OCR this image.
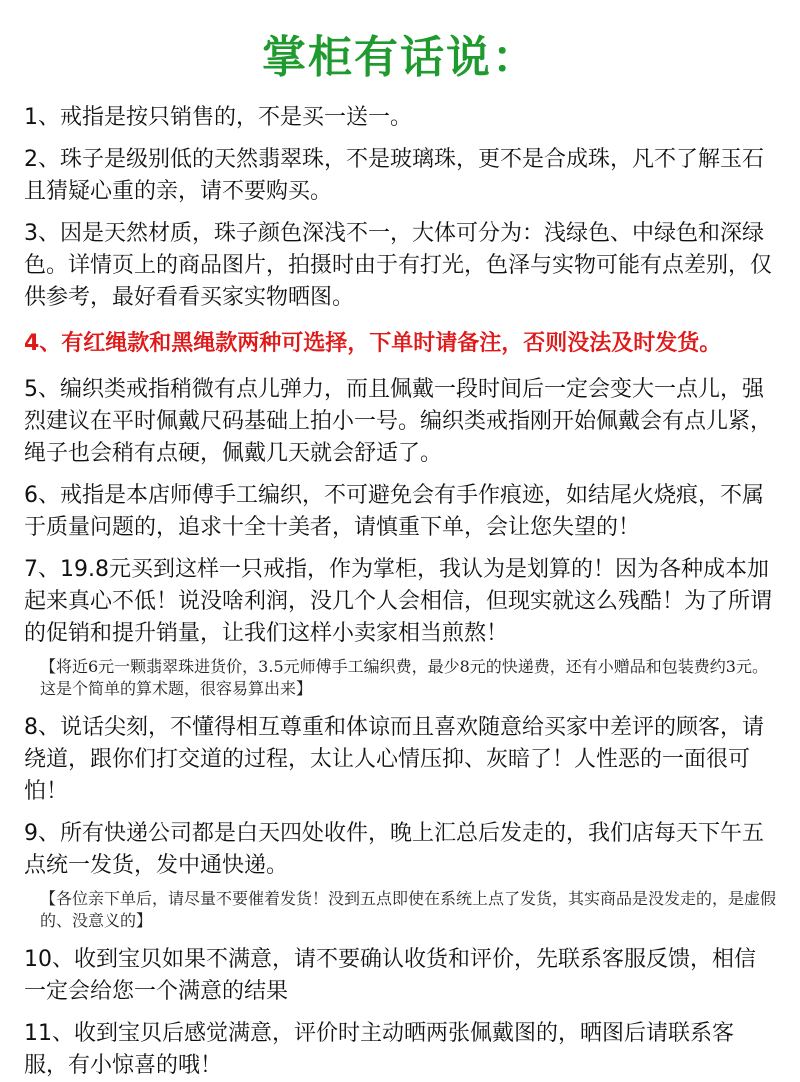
掌柜有话说：

1、戒指是按只销售的，不是买一送一。

2、珠子是级别低的天然翡翠珠，不是玻璃珠，更不是合成珠，凡不了解玉石且猜疑心重的亲，请不要购买。

3、因是天然材质，珠子颜色深浅不一，大体可分为：浅绿色、中绿色和深绿色。详情页上的商品图片，拍摄时由于有打光，色泽与实物可能有点差别，仅供参考，最好看看买家实物晒图。

4、有红绳款和黑绳款两种可选择，下单时请备注，否则没法及时发货。

5、编织类戒指稍微有点儿弹力，而且佩戴一段时间后一定会变大一点儿，强烈建议在平时佩戴尺码基础上拍小一号。编织类戒指刚开始佩戴会有点儿紧，绳子也会稍有点硬，佩戴几天就会舒适了。

6、戒指是本店师傅手工编织，不可避免会有手作痕迹，如结尾火烧痕，不属于质量问题的，追求十全十美者，请慎重下单，会让您失望的！

7、19.8元买到这样一只戒指，作为掌柜，我认为是划算的！因为各种成本加起来真心不低！说没啥利润，没几个人会相信，但现实就这么残酷！为了所谓的促销和提升销量，让我们这样小卖家相当煎熬！

【将近6元一颗翡翠珠进货价，3.5元师傅手工编织费，最少8元的快递费，还有小赠品和包装费约3元。这是个简单的算术题，很容易算出来】

8、说话尖刻，不懂得相互尊重和体谅而且喜欢随意给买家中差评的顾客，请绕道，跟你们打交道的过程，太让人心情压抑、灰暗了！人性恶的一面很可怕！

9、所有快递公司都是白天四处收件，晚上汇总后发走的，我们店每天下午五点统一发货，发中通快递。

【各位亲下单后，请尽量不要催着发货！没到五点即使在系统上点了发货，其实商品是没发走的，是虚假的、没意义的】

10、收到宝贝如果不满意，请不要确认收货和评价，先联系客服反馈，相信一定会给您一个满意的结果

11、收到宝贝后感觉满意，评价时主动晒两张佩戴图的，晒图后请联系客服，有小惊喜的哦！
